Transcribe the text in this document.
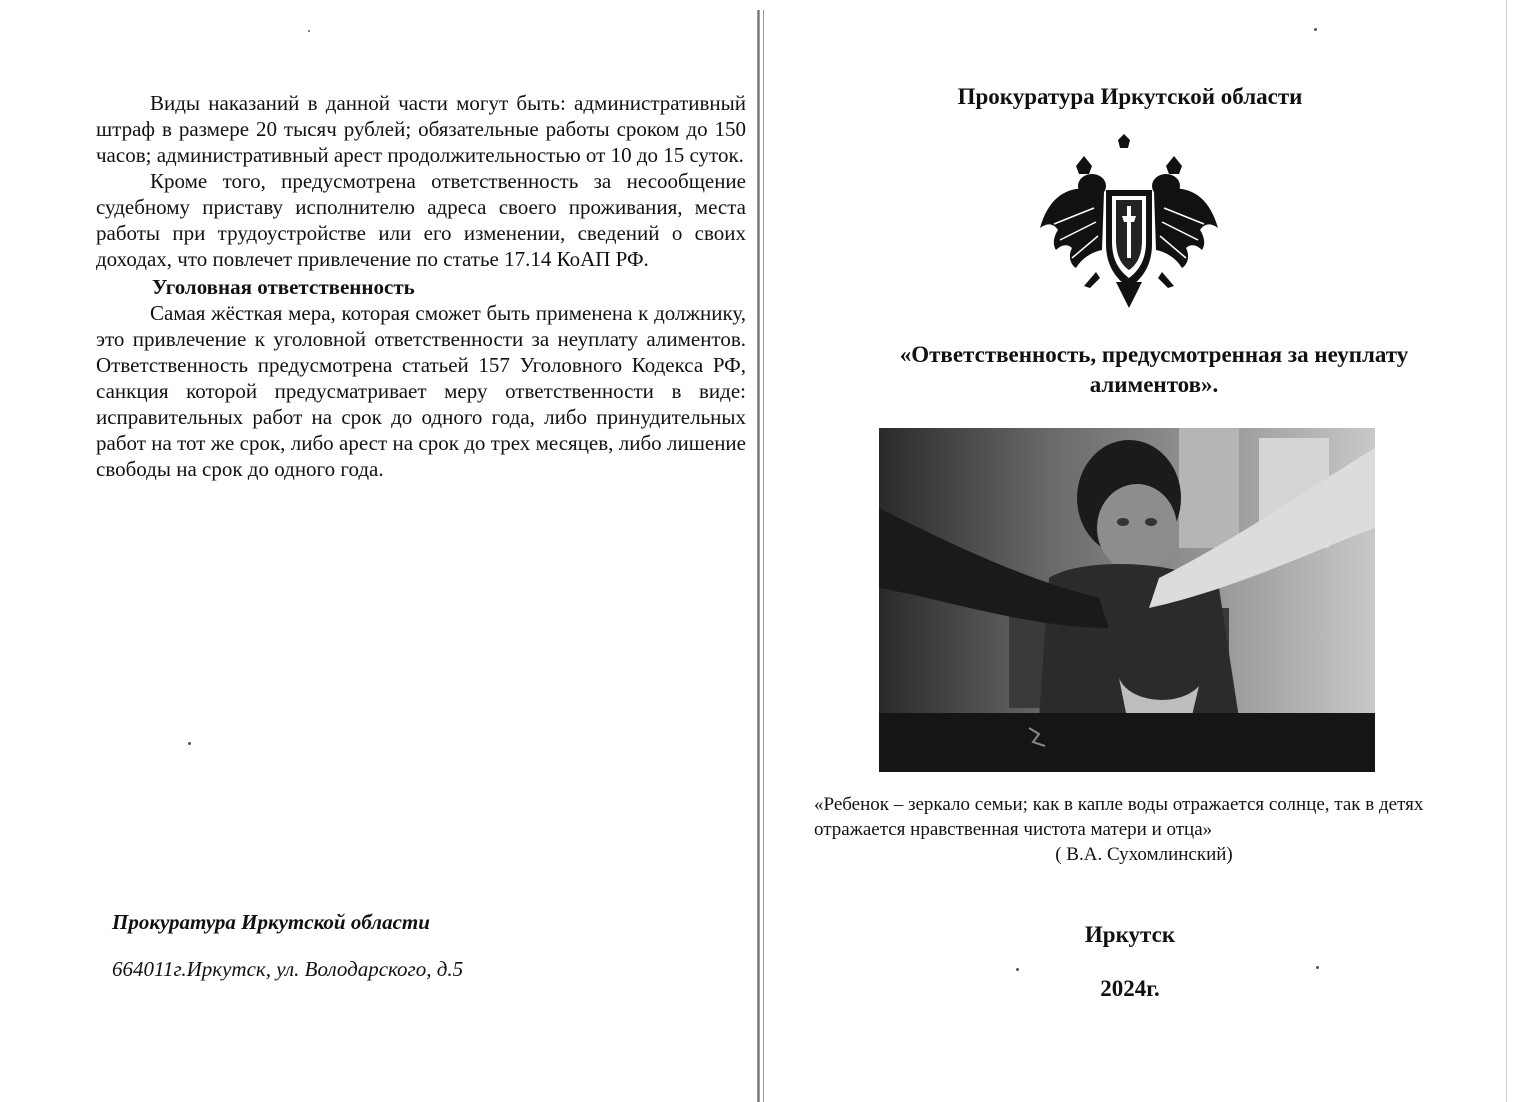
Виды наказаний в данной части могут быть: административный штраф в размере 20 тысяч рублей; обязательные работы сроком до 150 часов; административный арест продолжительностью от 10 до 15 суток.

Кроме того, предусмотрена ответственность за несообщение судебному приставу исполнителю адреса своего проживания, места работы при трудоустройстве или его изменении, сведений о своих доходах, что повлечет привлечение по статье 17.14 КоАП РФ.

Уголовная ответственность

Самая жёсткая мера, которая сможет быть применена к должнику, это привлечение к уголовной ответственности за неуплату алиментов. Ответственность предусмотрена статьей 157 Уголовного Кодекса РФ, санкция которой предусматривает меру ответственности в виде: исправительных работ на срок до одного года, либо принудительных работ на тот же срок, либо арест на срок до трех месяцев, либо лишение свободы на срок до одного года.

Прокуратура Иркутской области
664011г.Иркутск, ул. Володарского, д.5
Прокуратура Иркутской области
«Ответственность, предусмотренная за неуплату алиментов».
«Ребенок – зеркало семьи; как в капле воды отражается солнце, так в детях отражается нравственная чистота матери и отца»
( В.А. Сухомлинский)
Иркутск
2024г.
